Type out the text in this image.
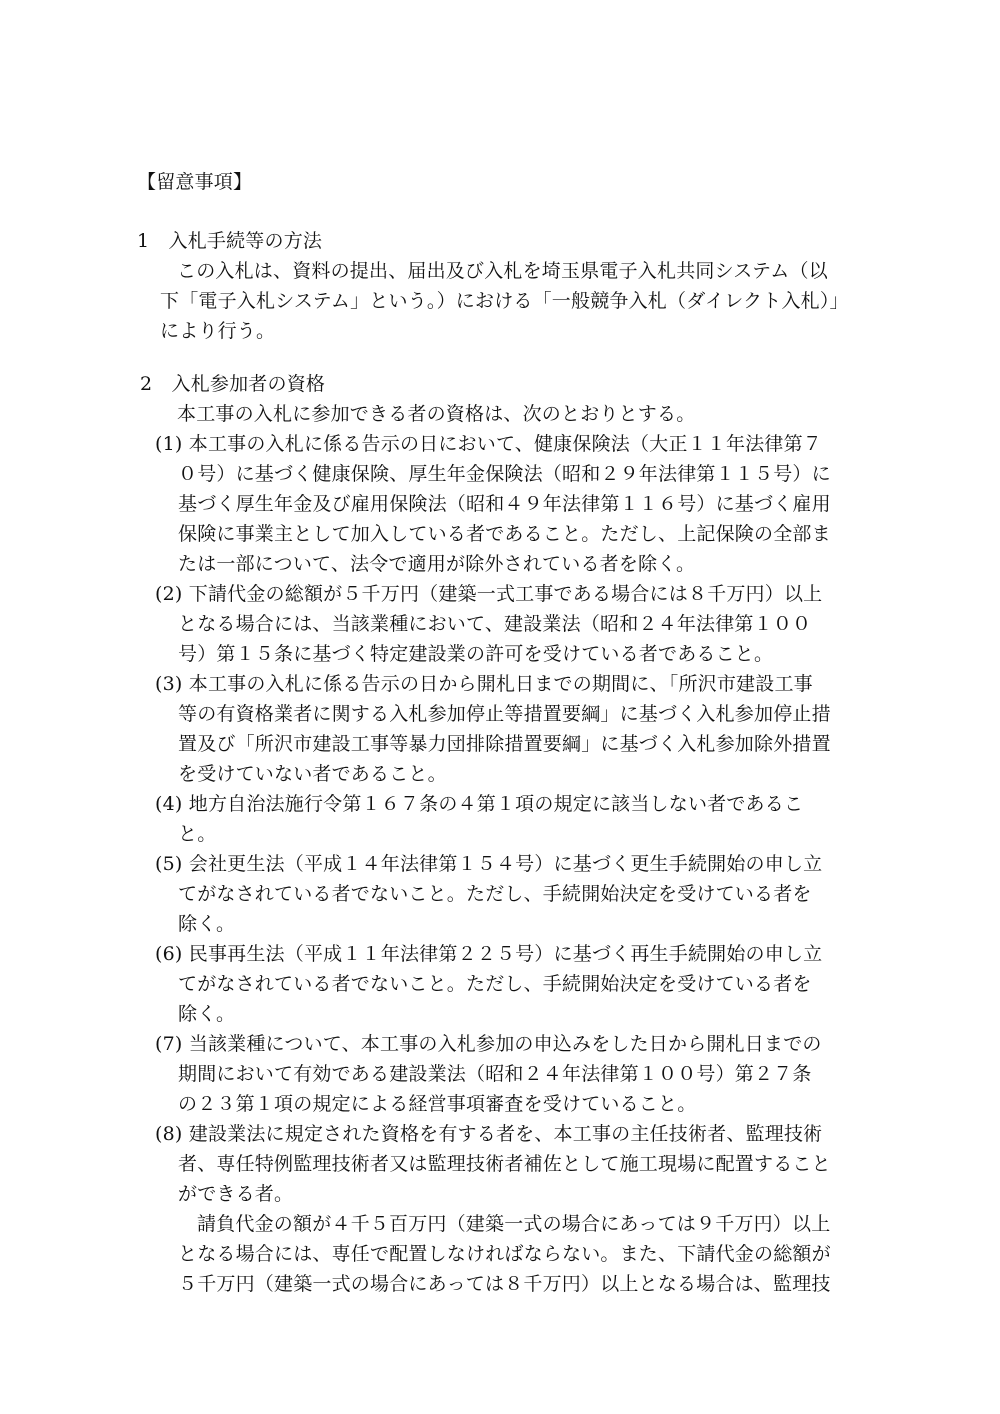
【留意事項】
1　入札手続等の方法
この入札は、資料の提出、届出及び入札を埼玉県電子入札共同システム（以
下「電子入札システム」という。）における「一般競争入札（ダイレクト入札）」
により行う。
2　入札参加者の資格
本工事の入札に参加できる者の資格は、次のとおりとする。
(1) 本工事の入札に係る告示の日において、健康保険法（大正１１年法律第７
０号）に基づく健康保険、厚生年金保険法（昭和２９年法律第１１５号）に
基づく厚生年金及び雇用保険法（昭和４９年法律第１１６号）に基づく雇用
保険に事業主として加入している者であること。ただし、上記保険の全部ま
たは一部について、法令で適用が除外されている者を除く。
(2) 下請代金の総額が５千万円（建築一式工事である場合には８千万円）以上
となる場合には、当該業種において、建設業法（昭和２４年法律第１００
号）第１５条に基づく特定建設業の許可を受けている者であること。
(3) 本工事の入札に係る告示の日から開札日までの期間に、「所沢市建設工事
等の有資格業者に関する入札参加停止等措置要綱」に基づく入札参加停止措
置及び「所沢市建設工事等暴力団排除措置要綱」に基づく入札参加除外措置
を受けていない者であること。
(4) 地方自治法施行令第１６７条の４第１項の規定に該当しない者であるこ
と。
(5) 会社更生法（平成１４年法律第１５４号）に基づく更生手続開始の申し立
てがなされている者でないこと。ただし、手続開始決定を受けている者を
除く。
(6) 民事再生法（平成１１年法律第２２５号）に基づく再生手続開始の申し立
てがなされている者でないこと。ただし、手続開始決定を受けている者を
除く。
(7) 当該業種について、本工事の入札参加の申込みをした日から開札日までの
期間において有効である建設業法（昭和２４年法律第１００号）第２７条
の２３第１項の規定による経営事項審査を受けていること。
(8) 建設業法に規定された資格を有する者を、本工事の主任技術者、監理技術
者、専任特例監理技術者又は監理技術者補佐として施工現場に配置すること
ができる者。
請負代金の額が４千５百万円（建築一式の場合にあっては９千万円）以上
となる場合には、専任で配置しなければならない。また、下請代金の総額が
５千万円（建築一式の場合にあっては８千万円）以上となる場合は、監理技
